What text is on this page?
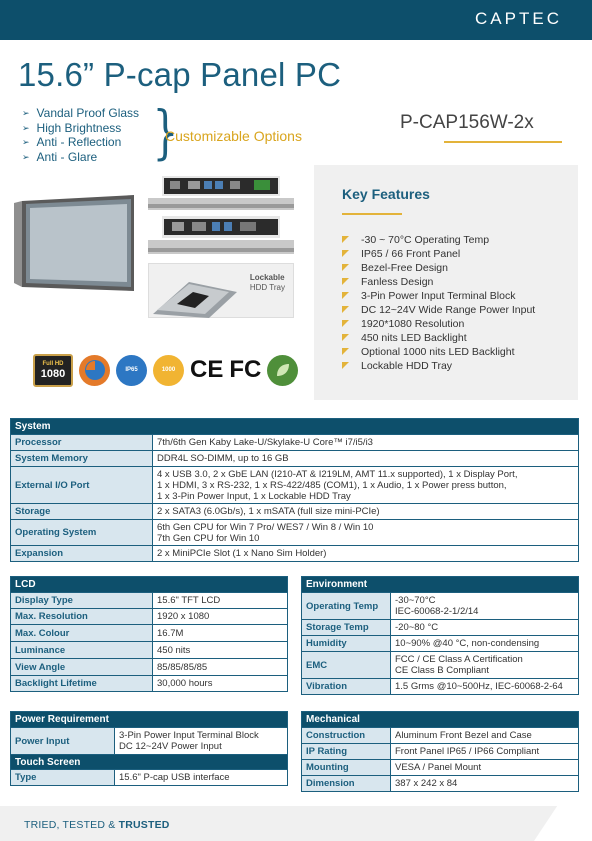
CAPTEC
15.6” P-cap Panel PC
➢ Vandal Proof Glass
➢ High Brightness
➢ Anti - Reflection
➢ Anti - Glare }
Customizable Options
P-CAP156W-2x
Lockable
HDD Tray
Full HD
1080	IP65	1000 CE FC
Key Features
-30 ~ 70°C Operating Temp
IP65 / 66 Front Panel
Bezel-Free Design
Fanless Design
3-Pin Power Input Terminal Block
DC 12~24V Wide Range Power Input
1920*1080 Resolution
450 nits LED Backlight
Optional 1000 nits LED Backlight
Lockable HDD Tray
System
Processor	7th/6th Gen Kaby Lake-U/Skylake-U Core™ i7/i5/i3
System Memory	DDR4L SO-DIMM, up to 16 GB
External I/O Port
4 x USB 3.0, 2 x GbE LAN (I210-AT & I219LM, AMT 11.x supported), 1 x Display Port,
1 x HDMI, 3 x RS-232, 1 x RS-422/485 (COM1), 1 x Audio, 1 x Power press button,
1 x 3-Pin Power Input, 1 x Lockable HDD Tray
Storage	2 x SATA3 (6.0Gb/s), 1 x mSATA (full size mini-PCIe)
Operating System	6th Gen CPU for Win 7 Pro/ WES7 / Win 8 / Win 10
7th Gen CPU for Win 10
Expansion	2 x MiniPCIe Slot (1 x Nano Sim Holder)
LCD
Display Type	15.6" TFT LCD
Max. Resolution	1920 x 1080
Max. Colour	16.7M
Luminance	450 nits
View Angle	85/85/85/85
Backlight Lifetime	30,000 hours
Environment
Operating Temp	-30~70°C
IEC-60068-2-1/2/14
Storage Temp	-20~80 °C
Humidity	10~90% @40 °C, non-condensing
EMC	FCC / CE Class A Certification
CE Class B Compliant
Vibration	1.5 Grms @10~500Hz, IEC-60068-2-64
Power Requirement
Power Input	3-Pin Power Input Terminal Block
DC 12~24V Power Input
Touch Screen
Type	15.6" P-cap USB interface
Mechanical
Construction	Aluminum Front Bezel and Case
IP Rating	Front Panel IP65 / IP66 Compliant
Mounting	VESA / Panel Mount
Dimension	387 x 242 x 84
TRIED, TESTED & TRUSTED
